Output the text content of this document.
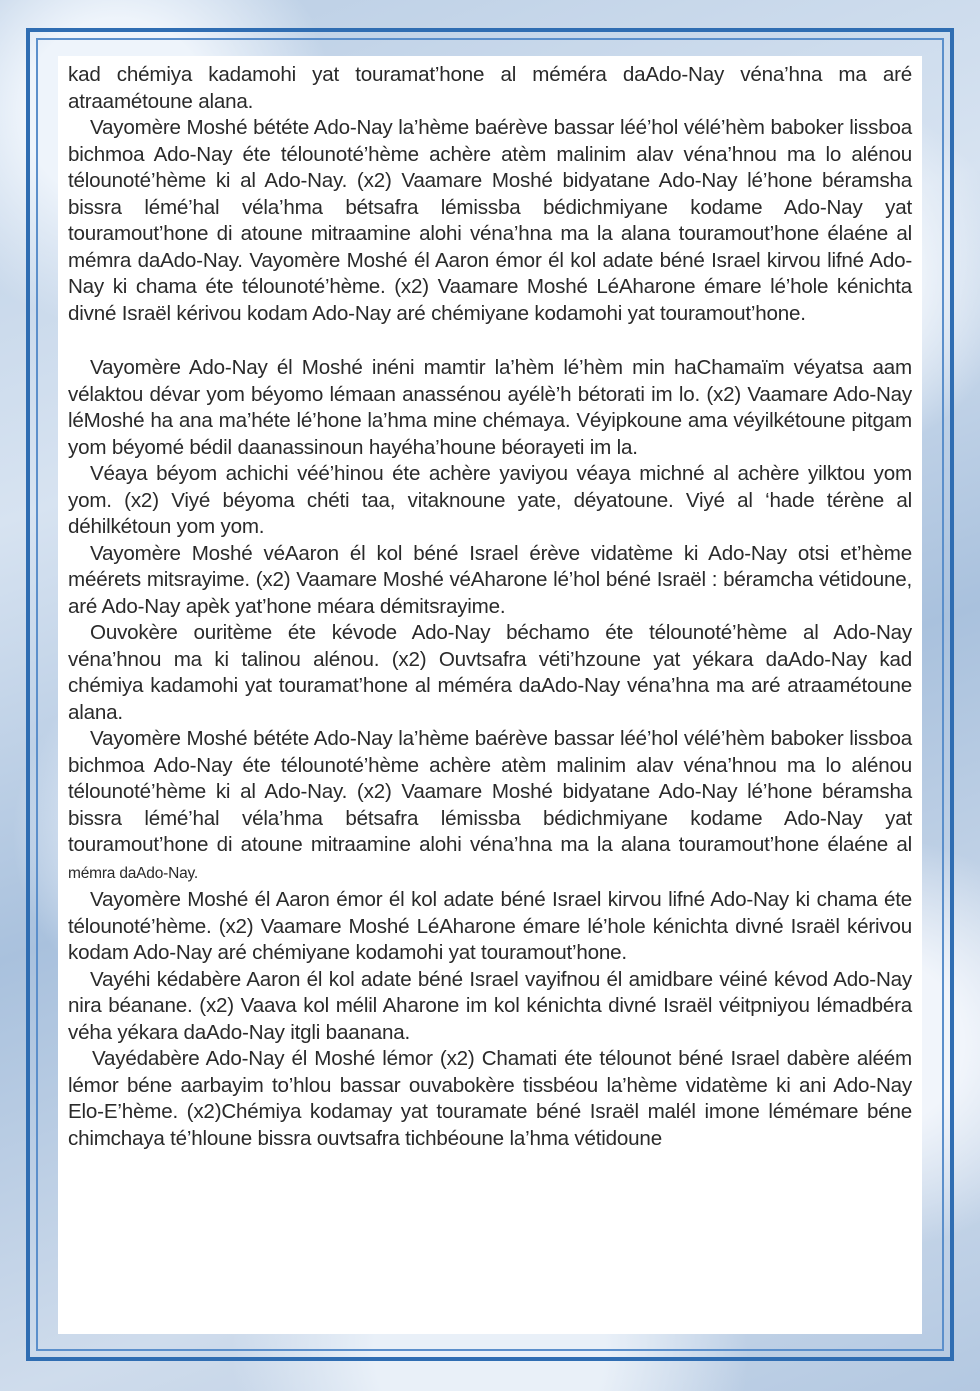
kad chémiya kadamohi yat touramat’hone al méméra daAdo-Nay véna’hna ma aré atraamétoune alana.

Vayomère Moshé bététe Ado-Nay la’hème baérève bassar léé’hol vélé’hèm baboker lissboa bichmoa Ado-Nay éte télounoté’hème achère atèm malinim alav véna’hnou ma lo alénou télounoté’hème ki al Ado-Nay. (x2) Vaamare Moshé bidyatane Ado-Nay lé’hone béramsha bissra lémé’hal véla’hma bétsafra lémissba bédichmiyane kodame Ado-Nay yat touramout’hone di atoune mitraamine alohi véna’hna ma la alana touramout’hone élaéne al mémra daAdo-Nay. Vayomère Moshé él Aaron émor él kol adate béné Israel kirvou lifné Ado-Nay ki chama éte télounoté’hème. (x2) Vaamare Moshé LéAharone émare lé’hole kénichta divné Israël kérivou kodam Ado-Nay aré chémiyane kodamohi yat touramout’hone.

Vayomère Ado-Nay él Moshé inéni mamtir la’hèm lé’hèm min haChamaïm véyatsa aam vélaktou dévar yom béyomo lémaan anassénou ayélè’h bétorati im lo. (x2) Vaamare Ado-Nay léMoshé ha ana ma’héte lé’hone la’hma mine chémaya. Véyipkoune ama véyilkétoune pitgam yom béyomé bédil daanassinoun hayéha’houne béorayeti im la.

Véaya béyom achichi véé’hinou éte achère yaviyou véaya michné al achère yilktou yom yom. (x2) Viyé béyoma chéti taa, vitaknoune yate, déyatoune. Viyé al ‘hade térène al déhilkétoun yom yom.

Vayomère Moshé véAaron él kol béné Israel érève vidatème ki Ado-Nay otsi et’hème méérets mitsrayime. (x2) Vaamare Moshé véAharone lé’hol béné Israël : béramcha vétidoune, aré Ado-Nay apèk yat’hone méara démitsrayime.

Ouvokère ouritème éte kévode Ado-Nay béchamo éte télounoté’hème al Ado-Nay véna’hnou ma ki talinou alénou. (x2) Ouvtsafra véti’hzoune yat yékara daAdo-Nay kad chémiya kadamohi yat touramat’hone al méméra daAdo-Nay véna’hna ma aré atraamétoune alana.

Vayomère Moshé bététe Ado-Nay la’hème baérève bassar léé’hol vélé’hèm baboker lissboa bichmoa Ado-Nay éte télounoté’hème achère atèm malinim alav véna’hnou ma lo alénou télounoté’hème ki al Ado-Nay. (x2) Vaamare Moshé bidyatane Ado-Nay lé’hone béramsha bissra lémé’hal véla’hma bétsafra lémissba bédichmiyane kodame Ado-Nay yat touramout’hone di atoune mitraamine alohi véna’hna ma la alana touramout’hone élaéne al mémra daAdo-Nay.

Vayomère Moshé él Aaron émor él kol adate béné Israel kirvou lifné Ado-Nay ki chama éte télounoté’hème. (x2) Vaamare Moshé LéAharone émare lé’hole kénichta divné Israël kérivou kodam Ado-Nay aré chémiyane kodamohi yat touramout’hone.

Vayéhi kédabère Aaron él kol adate béné Israel vayifnou él amidbare véiné kévod Ado-Nay nira béanane. (x2) Vaava kol mélil Aharone im kol kénichta divné Israël véitpniyou lémadbéra véha yékara daAdo-Nay itgli baanana.

Vayédabère Ado-Nay él Moshé lémor (x2) Chamati éte télounot béné Israel dabère aléém lémor béne aarbayim to’hlou bassar ouvabokère tissbéou la’hème vidatème ki ani Ado-Nay Elo-E’hème. (x2)Chémiya kodamay yat touramate béné Israël malél imone lémémare béne chimchaya té’hloune bissra ouvtsafra tichbéoune la’hma vétidoune
